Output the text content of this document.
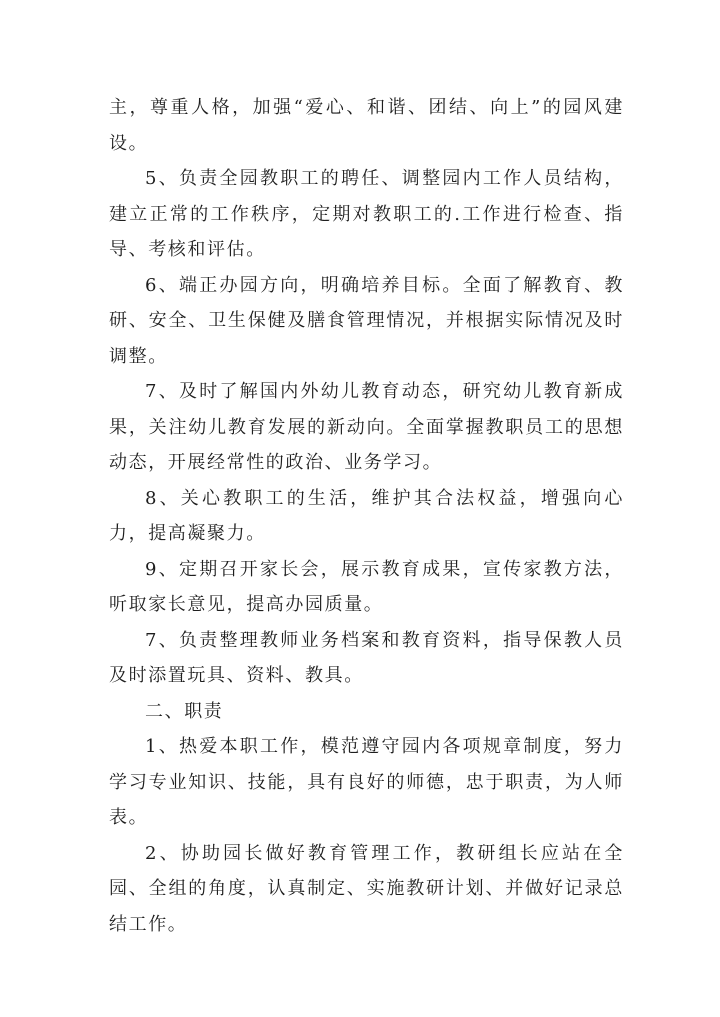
主，尊重人格，加强“爱心、和谐、团结、向上”的园风建设。

5、负责全园教职工的聘任、调整园内工作人员结构，建立正常的工作秩序，定期对教职工的.工作进行检查、指导、考核和评估。

6、端正办园方向，明确培养目标。全面了解教育、教研、安全、卫生保健及膳食管理情况，并根据实际情况及时调整。

7、及时了解国内外幼儿教育动态，研究幼儿教育新成果，关注幼儿教育发展的新动向。全面掌握教职员工的思想动态，开展经常性的政治、业务学习。

8、关心教职工的生活，维护其合法权益，增强向心力，提高凝聚力。

9、定期召开家长会，展示教育成果，宣传家教方法，听取家长意见，提高办园质量。

7、负责整理教师业务档案和教育资料，指导保教人员及时添置玩具、资料、教具。

二、职责

1、热爱本职工作，模范遵守园内各项规章制度，努力学习专业知识、技能，具有良好的师德，忠于职责，为人师表。

2、协助园长做好教育管理工作，教研组长应站在全园、全组的角度，认真制定、实施教研计划、并做好记录总结工作。
